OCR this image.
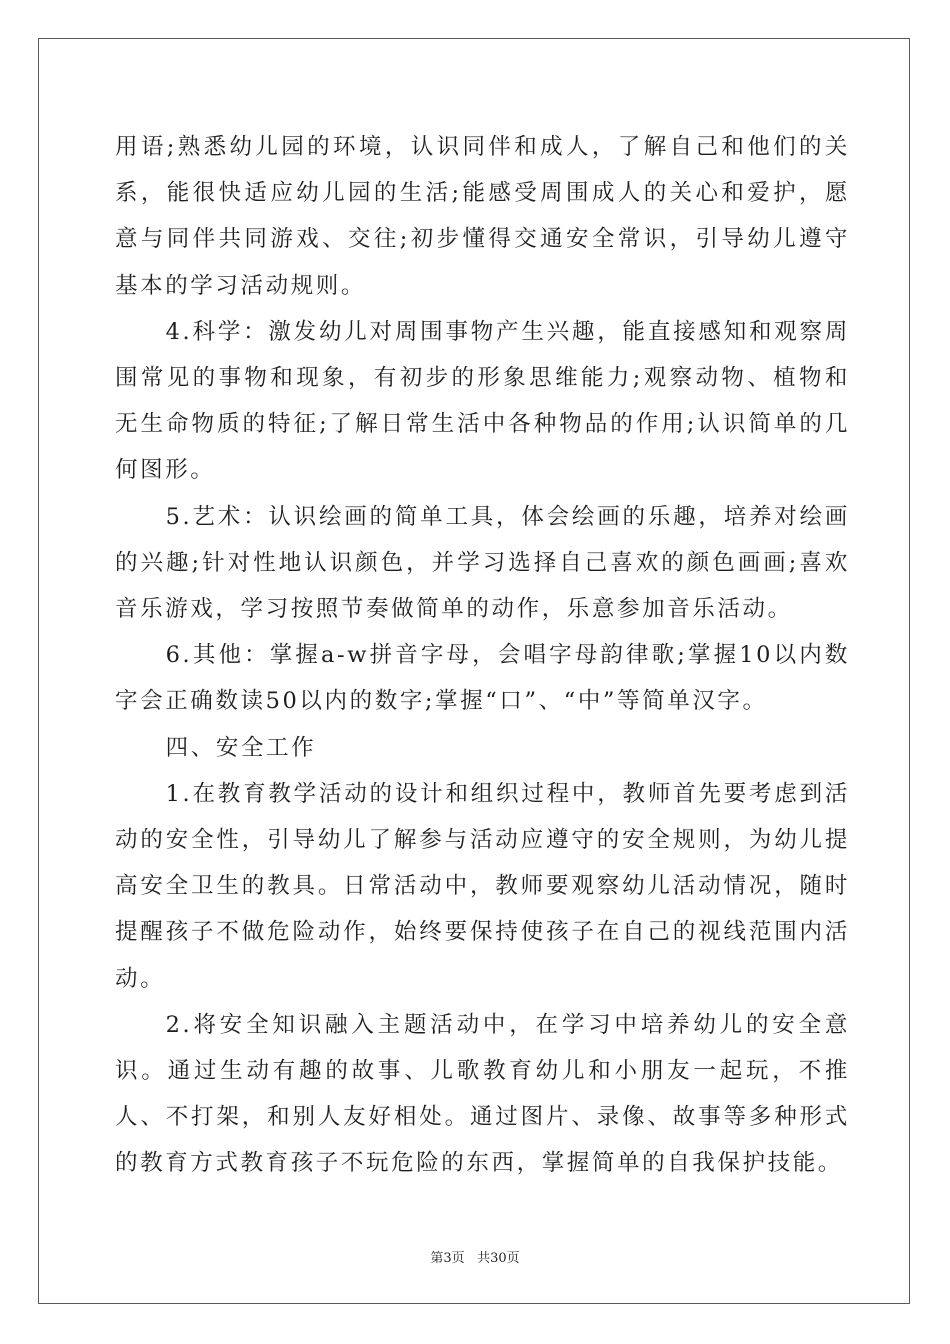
用语;熟悉幼儿园的环境，认识同伴和成人，了解自己和他们的关系，能很快适应幼儿园的生活;能感受周围成人的关心和爱护，愿意与同伴共同游戏、交往;初步懂得交通安全常识，引导幼儿遵守基本的学习活动规则。

4.科学：激发幼儿对周围事物产生兴趣，能直接感知和观察周围常见的事物和现象，有初步的形象思维能力;观察动物、植物和无生命物质的特征;了解日常生活中各种物品的作用;认识简单的几何图形。

5.艺术：认识绘画的简单工具，体会绘画的乐趣，培养对绘画的兴趣;针对性地认识颜色，并学习选择自己喜欢的颜色画画;喜欢音乐游戏，学习按照节奏做简单的动作，乐意参加音乐活动。

6.其他：掌握a-w拼音字母，会唱字母韵律歌;掌握10以内数字会正确数读50以内的数字;掌握“口”、“中”等简单汉字。

四、安全工作

1.在教育教学活动的设计和组织过程中，教师首先要考虑到活动的安全性，引导幼儿了解参与活动应遵守的安全规则，为幼儿提高安全卫生的教具。日常活动中，教师要观察幼儿活动情况，随时提醒孩子不做危险动作，始终要保持使孩子在自己的视线范围内活动。

2.将安全知识融入主题活动中，在学习中培养幼儿的安全意识。通过生动有趣的故事、儿歌教育幼儿和小朋友一起玩，不推人、不打架，和别人友好相处。通过图片、录像、故事等多种形式的教育方式教育孩子不玩危险的东西，掌握简单的自我保护技能。

第3页 共30页
